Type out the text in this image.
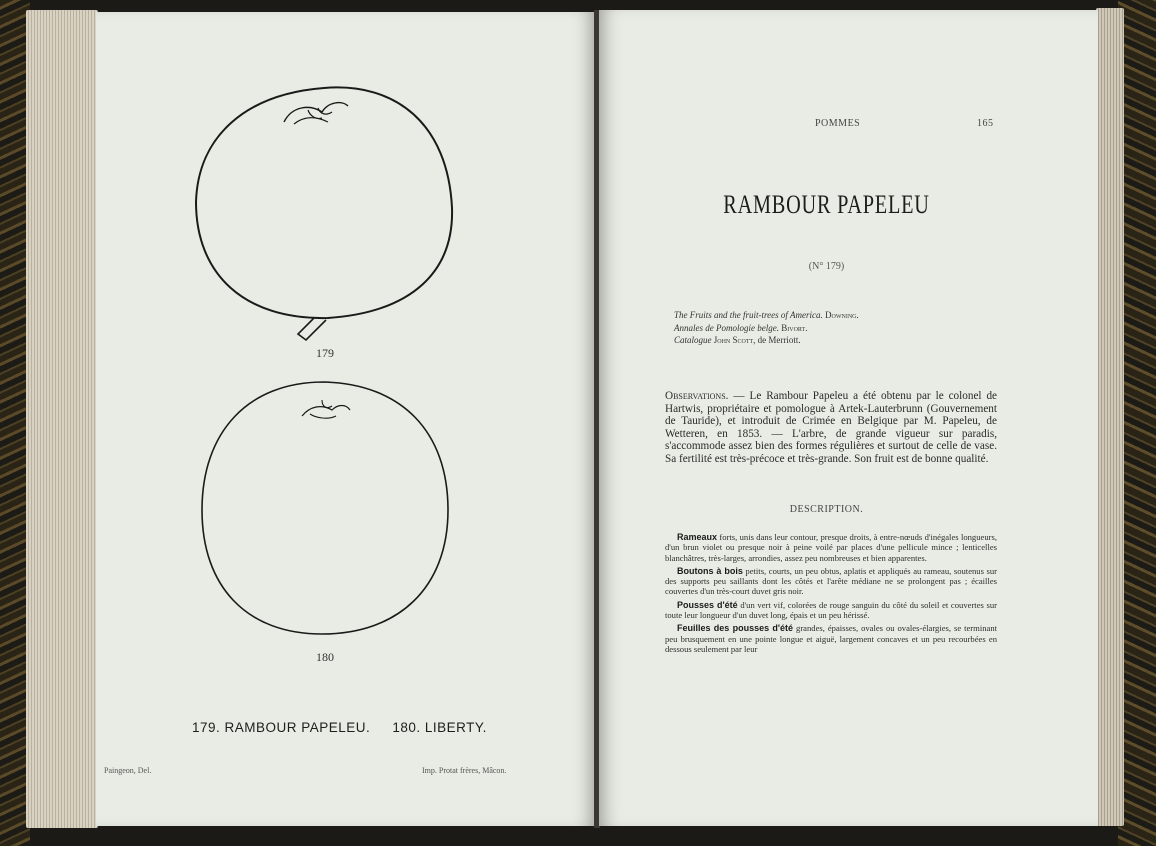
179
180
179. RAMBOUR PAPELEU. 180. LIBERTY.
Paingeon, Del.	Imp. Protat frères, Mâcon.
POMMES	165
RAMBOUR PAPELEU
(N° 179)
The Fruits and the fruit-trees of America. Downing.
Annales de Pomologie belge. Bivort.
Catalogue John Scott, de Merriott.
Observations. — Le Rambour Papeleu a été obtenu par le colonel de Hartwis, propriétaire et pomologue à Artek-Lauterbrunn (Gouvernement de Tauride), et introduit de Crimée en Belgique par M. Papeleu, de Wetteren, en 1853. — L'arbre, de grande vigueur sur paradis, s'accommode assez bien des formes régulières et surtout de celle de vase. Sa fertilité est très-précoce et très-grande. Son fruit est de bonne qualité.
DESCRIPTION.

Rameaux forts, unis dans leur contour, presque droits, à entre-nœuds d'inégales longueurs, d'un brun violet ou presque noir à peine voilé par places d'une pellicule mince ; lenticelles blanchâtres, très-larges, arrondies, assez peu nombreuses et bien apparentes.

Boutons à bois petits, courts, un peu obtus, aplatis et appliqués au rameau, soutenus sur des supports peu saillants dont les côtés et l'arête médiane ne se prolongent pas ; écailles couvertes d'un très-court duvet gris noir.

Pousses d'été d'un vert vif, colorées de rouge sanguin du côté du soleil et couvertes sur toute leur longueur d'un duvet long, épais et un peu hérissé.

Feuilles des pousses d'été grandes, épaisses, ovales ou ovales-élargies, se terminant peu brusquement en une pointe longue et aiguë, largement concaves et un peu recourbées en dessous seulement par leur
